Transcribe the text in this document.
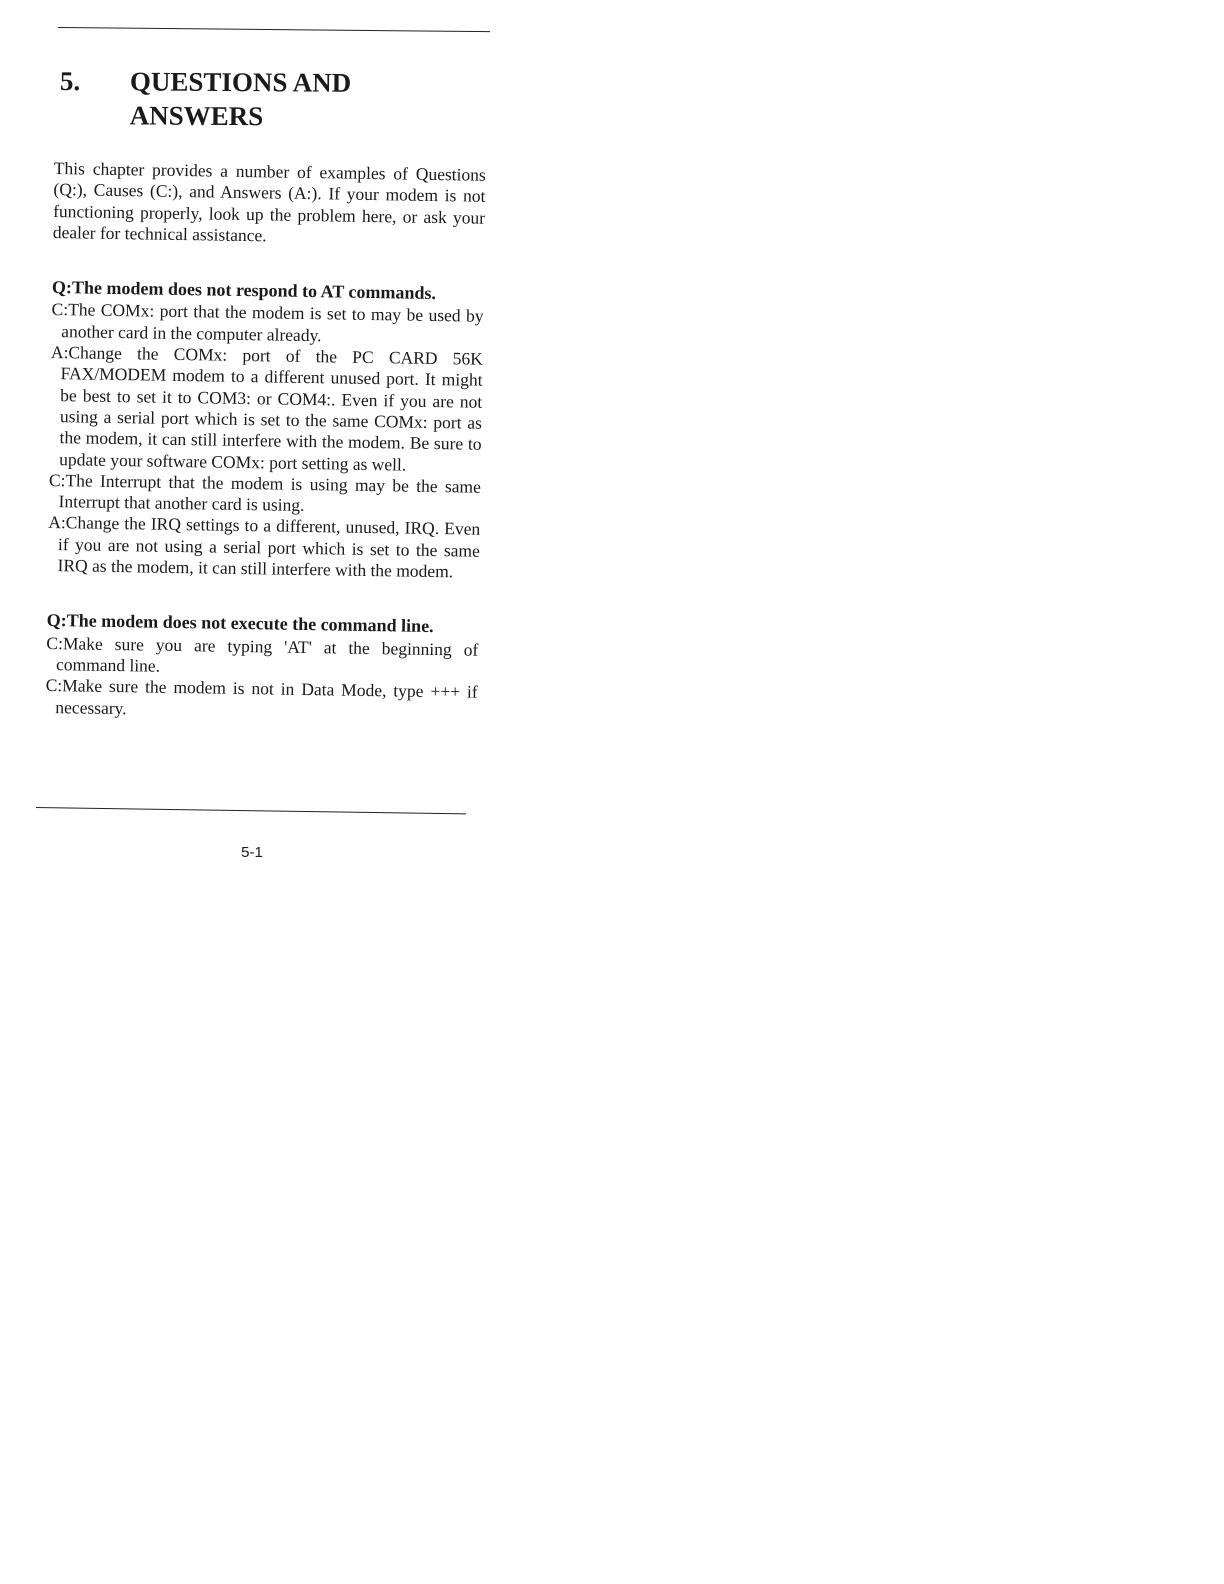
5. QUESTIONS AND ANSWERS

This chapter provides a number of examples of Questions (Q:), Causes (C:), and Answers (A:). If your modem is not functioning properly, look up the problem here, or ask your dealer for technical assistance.

Q:The modem does not respond to AT commands.

C:The COMx: port that the modem is set to may be used by another card in the computer already.

A:Change the COMx: port of the PC CARD 56K FAX/MODEM modem to a different unused port. It might be best to set it to COM3: or COM4:. Even if you are not using a serial port which is set to the same COMx: port as the modem, it can still interfere with the modem. Be sure to update your software COMx: port setting as well.

C:The Interrupt that the modem is using may be the same Interrupt that another card is using.

A:Change the IRQ settings to a different, unused, IRQ. Even if you are not using a serial port which is set to the same IRQ as the modem, it can still interfere with the modem.

Q:The modem does not execute the command line.

C:Make sure you are typing 'AT' at the beginning of command line.

C:Make sure the modem is not in Data Mode, type +++ if necessary.

5-1
